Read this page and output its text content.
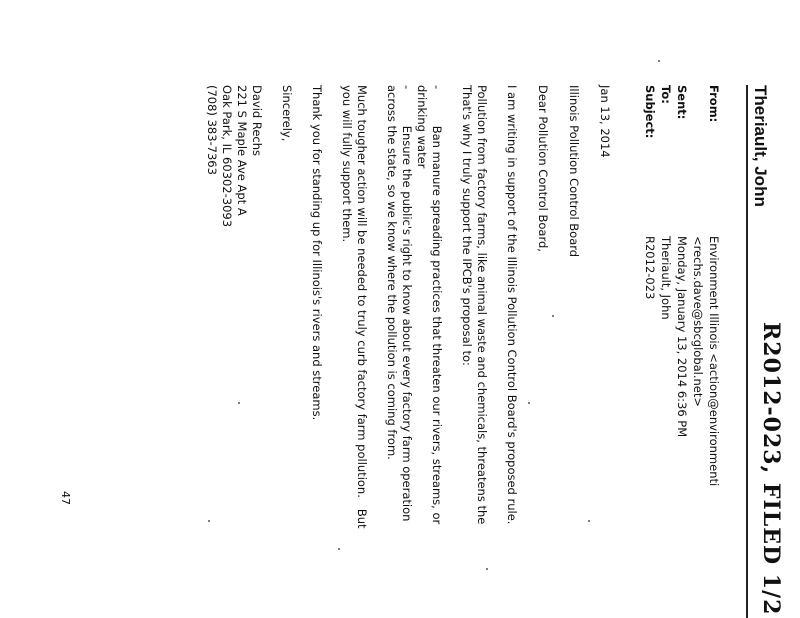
R2012-023, FILED 1/2
Theriault, John
From:
Environment Illinois <action@environmenti
<rechs.dave@sbcglobal.net>
Sent:
Monday, January 13, 2014 6:36 PM
To:
Theriault, John
Subject:
R2012-023
Jan 13, 2014
Illinois Pollution Control Board
Dear Pollution Control Board,
I am writing in support of the Illinois Pollution Control Board's proposed rule.
Pollution from factory farms, like animal waste and chemicals, threatens the
That's why I truly support the IPCB's proposal to:
-          Ban manure spreading practices that threaten our rivers, streams, or
drinking water
-          Ensure the public's right to know about every factory farm operation
across the state, so we know where the pollution is coming from.
Much tougher action will be needed to truly curb factory farm pollution.   But
you will fully support them.
Thank you for standing up for Illinois's rivers and streams.
Sincerely,
David Rechs
221 S Maple Ave Apt A
Oak Park, IL 60302-3093
(708) 383-7363
47
